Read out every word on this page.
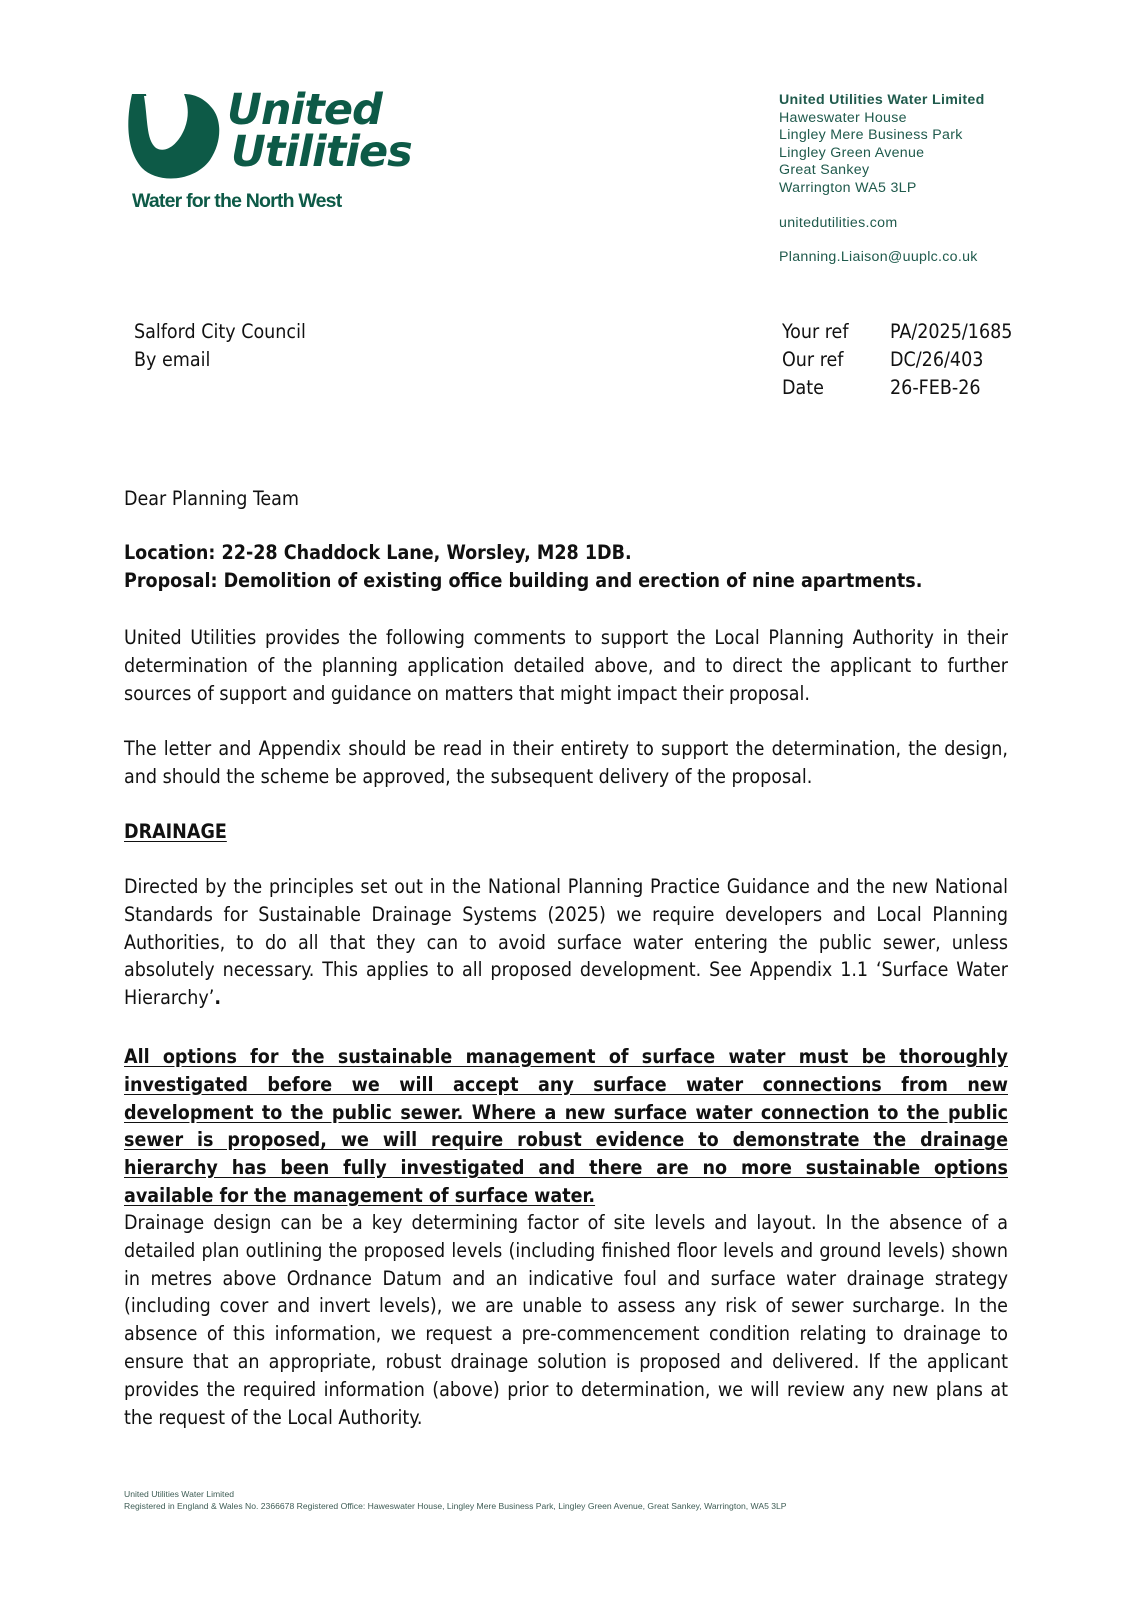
United
Utilities
Water for the North West
United Utilities Water Limited
Haweswater House
Lingley Mere Business Park
Lingley Green Avenue
Great Sankey
Warrington WA5 3LP
unitedutilities.com
Planning.Liaison@uuplc.co.uk
Salford City Council
By email
Your ref	PA/2025/1685
Our ref	DC/26/403
Date	26-FEB-26
Dear Planning Team
Location: 22-28 Chaddock Lane, Worsley, M28 1DB.
Proposal: Demolition of existing office building and erection of nine apartments.
United Utilities provides the following comments to support the Local Planning Authority in their determination of the planning application detailed above, and to direct the applicant to further sources of support and guidance on matters that might impact their proposal.
The letter and Appendix should be read in their entirety to support the determination, the design, and should the scheme be approved, the subsequent delivery of the proposal.
DRAINAGE
Directed by the principles set out in the National Planning Practice Guidance and the new National Standards for Sustainable Drainage Systems (2025) we require developers and Local Planning Authorities, to do all that they can to avoid surface water entering the public sewer, unless absolutely necessary. This applies to all proposed development. See Appendix 1.1 ‘Surface Water Hierarchy’.
All options for the sustainable management of surface water must be thoroughly investigated before we will accept any surface water connections from new development to the public sewer. Where a new surface water connection to the public sewer is proposed, we will require robust evidence to demonstrate the drainage hierarchy has been fully investigated and there are no more sustainable options available for the management of surface water.
Drainage design can be a key determining factor of site levels and layout. In the absence of a detailed plan outlining the proposed levels (including finished floor levels and ground levels) shown in metres above Ordnance Datum and an indicative foul and surface water drainage strategy (including cover and invert levels), we are unable to assess any risk of sewer surcharge. In the absence of this information, we request a pre-commencement condition relating to drainage to ensure that an appropriate, robust drainage solution is proposed and delivered. If the applicant provides the required information (above) prior to determination, we will review any new plans at the request of the Local Authority.
United Utilities Water Limited
Registered in England & Wales No. 2366678 Registered Office: Haweswater House, Lingley Mere Business Park, Lingley Green Avenue, Great Sankey, Warrington, WA5 3LP
